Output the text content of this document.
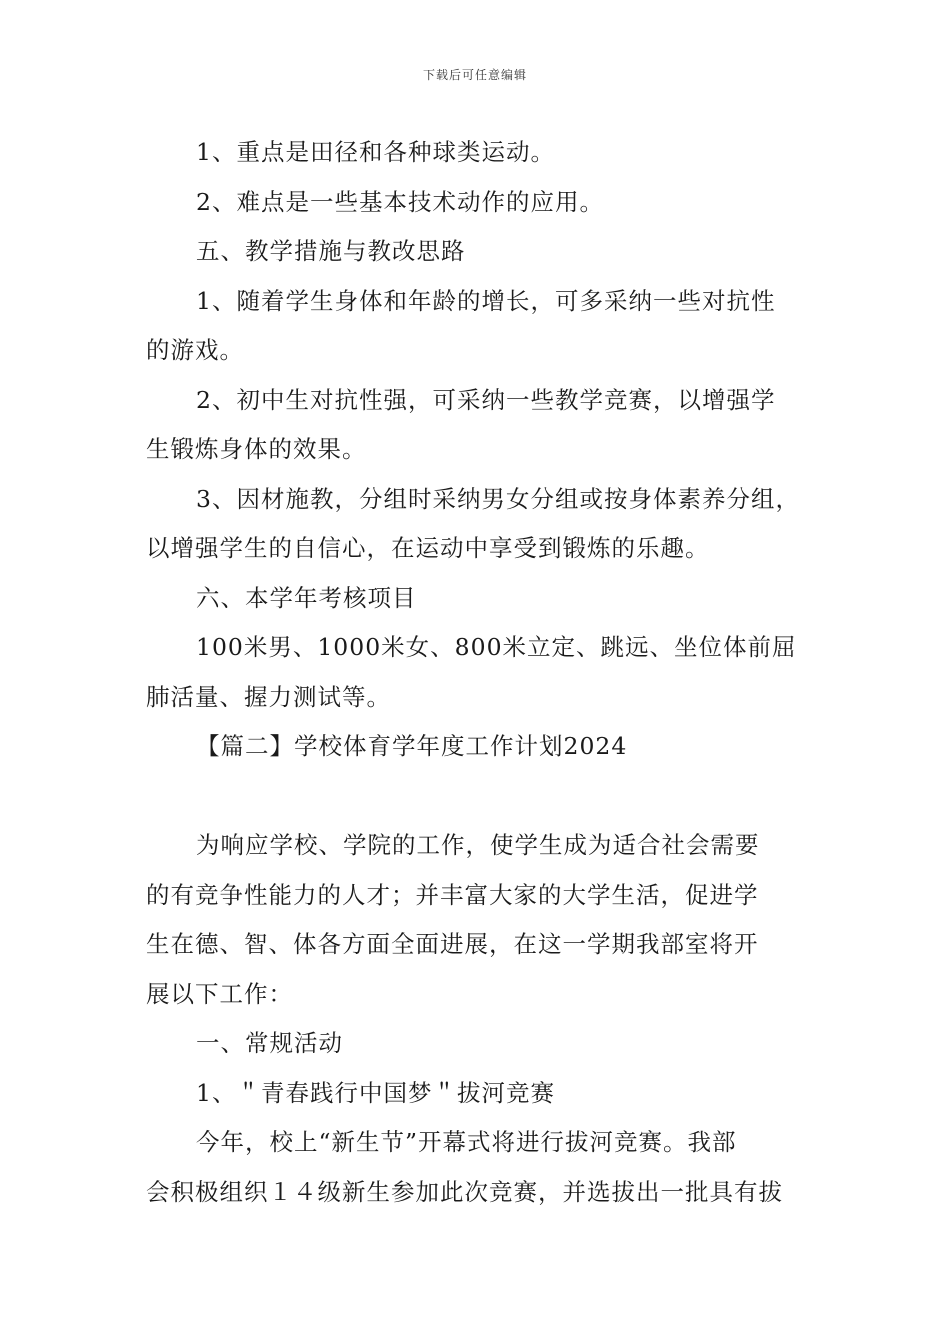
下载后可任意编辑
1、重点是田径和各种球类运动。
2、难点是一些基本技术动作的应用。
五、教学措施与教改思路
1、随着学生身体和年龄的增长，可多采纳一些对抗性
的游戏。
2、初中生对抗性强，可采纳一些教学竞赛，以增强学
生锻炼身体的效果。
3、因材施教，分组时采纳男女分组或按身体素养分组，
以增强学生的自信心，在运动中享受到锻炼的乐趣。
六、本学年考核项目
100米男、1000米女、800米立定、跳远、坐位体前屈
肺活量、握力测试等。
【篇二】学校体育学年度工作计划2024
为响应学校、学院的工作，使学生成为适合社会需要
的有竞争性能力的人才；并丰富大家的大学生活，促进学
生在德、智、体各方面全面进展，在这一学期我部室将开
展以下工作：
一、常规活动
1、＂青春践行中国梦＂拔河竞赛
今年，校上“新生节”开幕式将进行拔河竞赛。我部
会积极组织１４级新生参加此次竞赛，并选拔出一批具有拔
